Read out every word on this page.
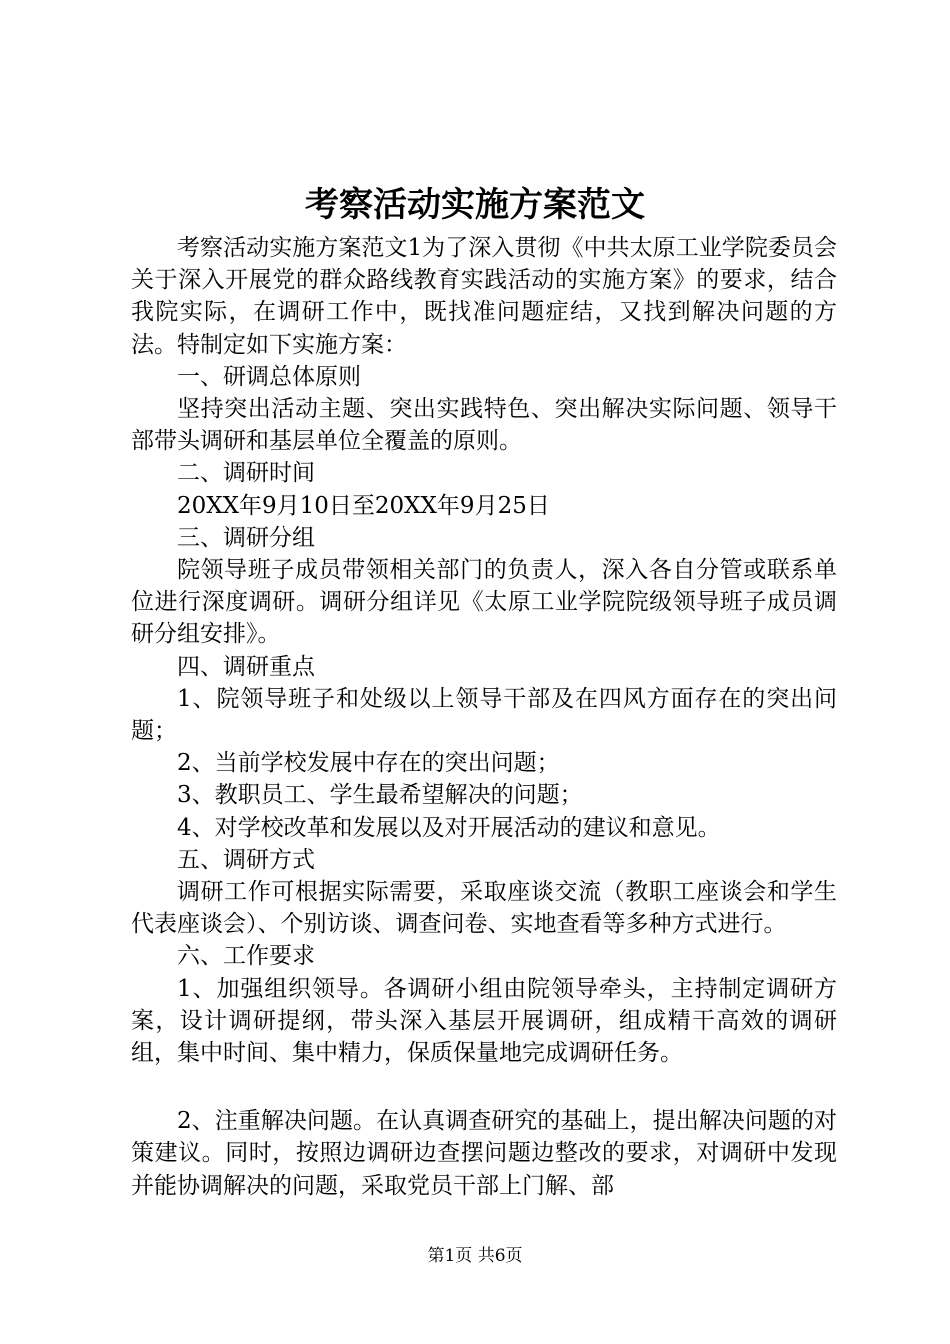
考察活动实施方案范文

考察活动实施方案范文1为了深入贯彻《中共太原工业学院委员会关于深入开展党的群众路线教育实践活动的实施方案》的要求，结合我院实际，在调研工作中，既找准问题症结，又找到解决问题的方法。特制定如下实施方案：

一、研调总体原则

坚持突出活动主题、突出实践特色、突出解决实际问题、领导干部带头调研和基层单位全覆盖的原则。

二、调研时间

20XX年9月10日至20XX年9月25日

三、调研分组

院领导班子成员带领相关部门的负责人，深入各自分管或联系单位进行深度调研。调研分组详见《太原工业学院院级领导班子成员调研分组安排》。

四、调研重点

1、院领导班子和处级以上领导干部及在四风方面存在的突出问题；

2、当前学校发展中存在的突出问题；

3、教职员工、学生最希望解决的问题；

4、对学校改革和发展以及对开展活动的建议和意见。

五、调研方式

调研工作可根据实际需要，采取座谈交流（教职工座谈会和学生代表座谈会）、个别访谈、调查问卷、实地查看等多种方式进行。

六、工作要求

1、加强组织领导。各调研小组由院领导牵头，主持制定调研方案，设计调研提纲，带头深入基层开展调研，组成精干高效的调研组，集中时间、集中精力，保质保量地完成调研任务。

2、注重解决问题。在认真调查研究的基础上，提出解决问题的对策建议。同时，按照边调研边查摆问题边整改的要求，对调研中发现并能协调解决的问题，采取党员干部上门解、部

第1页 共6页
